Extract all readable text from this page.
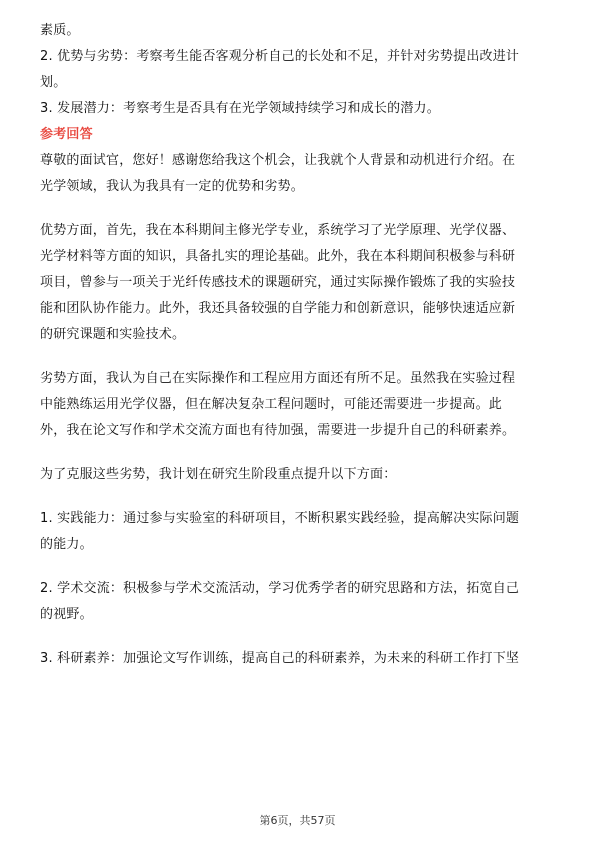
素质。
2. 优势与劣势：考察考生能否客观分析自己的长处和不足，并针对劣势提出改进计
划。
3. 发展潜力：考察考生是否具有在光学领域持续学习和成长的潜力。
参考回答
尊敬的面试官，您好！感谢您给我这个机会，让我就个人背景和动机进行介绍。在
光学领域，我认为我具有一定的优势和劣势。
优势方面，首先，我在本科期间主修光学专业，系统学习了光学原理、光学仪器、
光学材料等方面的知识，具备扎实的理论基础。此外，我在本科期间积极参与科研
项目，曾参与一项关于光纤传感技术的课题研究，通过实际操作锻炼了我的实验技
能和团队协作能力。此外，我还具备较强的自学能力和创新意识，能够快速适应新
的研究课题和实验技术。
劣势方面，我认为自己在实际操作和工程应用方面还有所不足。虽然我在实验过程
中能熟练运用光学仪器，但在解决复杂工程问题时，可能还需要进一步提高。此
外，我在论文写作和学术交流方面也有待加强，需要进一步提升自己的科研素养。
为了克服这些劣势，我计划在研究生阶段重点提升以下方面：
1. 实践能力：通过参与实验室的科研项目，不断积累实践经验，提高解决实际问题
的能力。
2. 学术交流：积极参与学术交流活动，学习优秀学者的研究思路和方法，拓宽自己
的视野。
3. 科研素养：加强论文写作训练，提高自己的科研素养，为未来的科研工作打下坚
第6页，共57页
